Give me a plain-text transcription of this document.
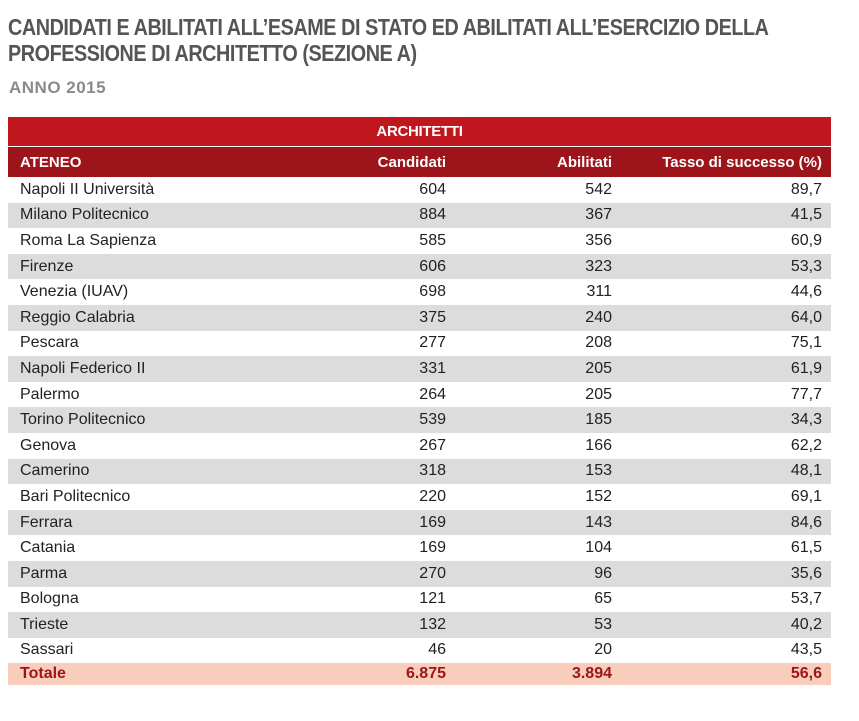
CANDIDATI E ABILITATI ALL’ESAME DI STATO ED ABILITATI ALL’ESERCIZIO DELLA
PROFESSIONE DI ARCHITETTO (SEZIONE A)
ANNO 2015
ARCHITETTI
ATENEO	Candidati	Abilitati	Tasso di successo (%)
Napoli II Università	604	542	89,7
Milano Politecnico	884	367	41,5
Roma La Sapienza	585	356	60,9
Firenze	606	323	53,3
Venezia (IUAV)	698	311	44,6
Reggio Calabria	375	240	64,0
Pescara	277	208	75,1
Napoli Federico II	331	205	61,9
Palermo	264	205	77,7
Torino Politecnico	539	185	34,3
Genova	267	166	62,2
Camerino	318	153	48,1
Bari Politecnico	220	152	69,1
Ferrara	169	143	84,6
Catania	169	104	61,5
Parma	270	96	35,6
Bologna	121	65	53,7
Trieste	132	53	40,2
Sassari	46	20	43,5
Totale	6.875	3.894	56,6
